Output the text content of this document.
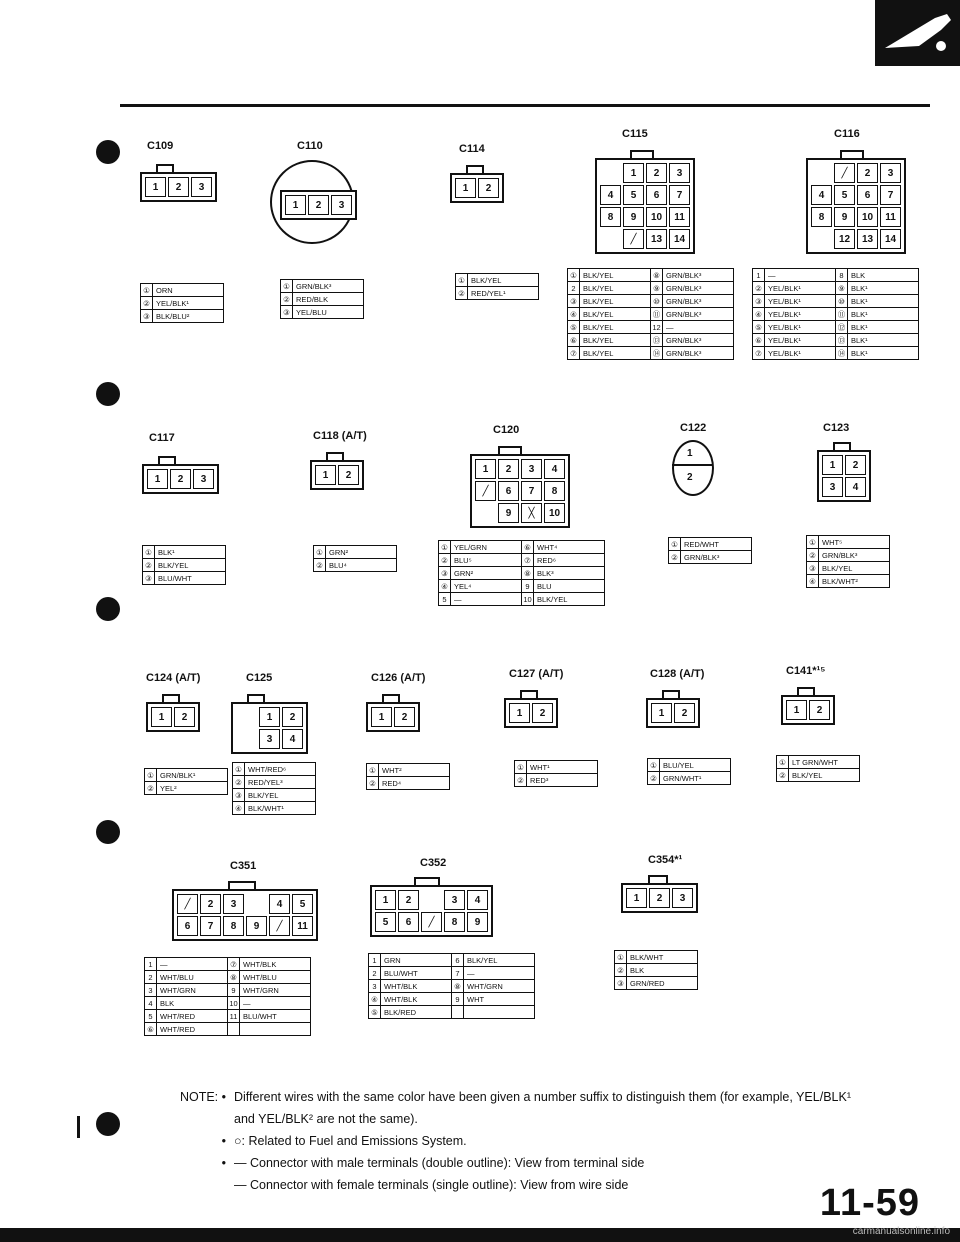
C109
1	2	3
①	ORN
②	YEL/BLK¹
③	BLK/BLU²
C110
1	2	3
①	GRN/BLK³
②	RED/BLK
③	YEL/BLU
C114
1	2
①	BLK/YEL
②	RED/YEL¹
C115
1	2	3
4	5	6	7
8	9	10	11
╱	13	14
①	BLK/YEL	⑧	GRN/BLK³
2	BLK/YEL	⑨	GRN/BLK³
③	BLK/YEL	⑩	GRN/BLK³
④	BLK/YEL	⑪	GRN/BLK³
⑤	BLK/YEL	12	—
⑥	BLK/YEL	⑬	GRN/BLK³
⑦	BLK/YEL	⑭	GRN/BLK³
C116
╱	2	3
4	5	6	7
8	9	10	11
12	13	14
1	—	8	BLK
②	YEL/BLK¹	⑨	BLK¹
③	YEL/BLK¹	⑩	BLK¹
④	YEL/BLK¹	⑪	BLK¹
⑤	YEL/BLK¹	⑫	BLK¹
⑥	YEL/BLK¹	⑬	BLK¹
⑦	YEL/BLK¹	⑭	BLK¹
C117
1	2	3
①	BLK¹
②	BLK/YEL
③	BLU/WHT
C118 (A/T)
1	2
①	GRN²
②	BLU⁴
C120
1	2	3	4
╱	6	7	8
9	╳	10
①	YEL/GRN	⑥	WHT⁴
②	BLU⁵	⑦	RED⁶
③	GRN²	⑧	BLK³
④	YEL⁴	9	BLU
5	—	10	BLK/YEL
C122
1
2
①	RED/WHT
②	GRN/BLK³
C123
1	2
3	4
①	WHT⁵
②	GRN/BLK³
③	BLK/YEL
④	BLK/WHT²
C124 (A/T)
1	2
①	GRN/BLK¹
②	YEL²
C125
1	2
3	4
①	WHT/RED⁶
②	RED/YEL³
③	BLK/YEL
④	BLK/WHT¹
C126 (A/T)
1	2
①	WHT²
②	RED⁴
C127 (A/T)
1	2
①	WHT¹
②	RED³
C128 (A/T)
1	2
①	BLU/YEL
②	GRN/WHT¹
C141*¹⁵
1	2
①	LT GRN/WHT
②	BLK/YEL
C351
╱	2	3	4	5
6	7	8	9	╱	11
1	—	⑦	WHT/BLK
2	WHT/BLU	⑧	WHT/BLU
3	WHT/GRN	9	WHT/GRN
4	BLK	10	—
5	WHT/RED	11	BLU/WHT
⑥	WHT/RED		
C352
1	2	3	4
5	6	╱	8	9
1	GRN	6	BLK/YEL
2	BLU/WHT	7	—
3	WHT/BLK	⑧	WHT/GRN
④	WHT/BLK	9	WHT
⑤	BLK/RED		
C354*¹
1	2	3
①	BLK/WHT
②	BLK
③	GRN/RED
NOTE: • Different wires with the same color have been given a number suffix to distinguish them (for example, YEL/BLK¹
and YEL/BLK² are not the same).
• ○: Related to Fuel and Emissions System.
• — Connector with male terminals (double outline): View from terminal side
— Connector with female terminals (single outline): View from wire side	11-59
carmanualsonline.info
